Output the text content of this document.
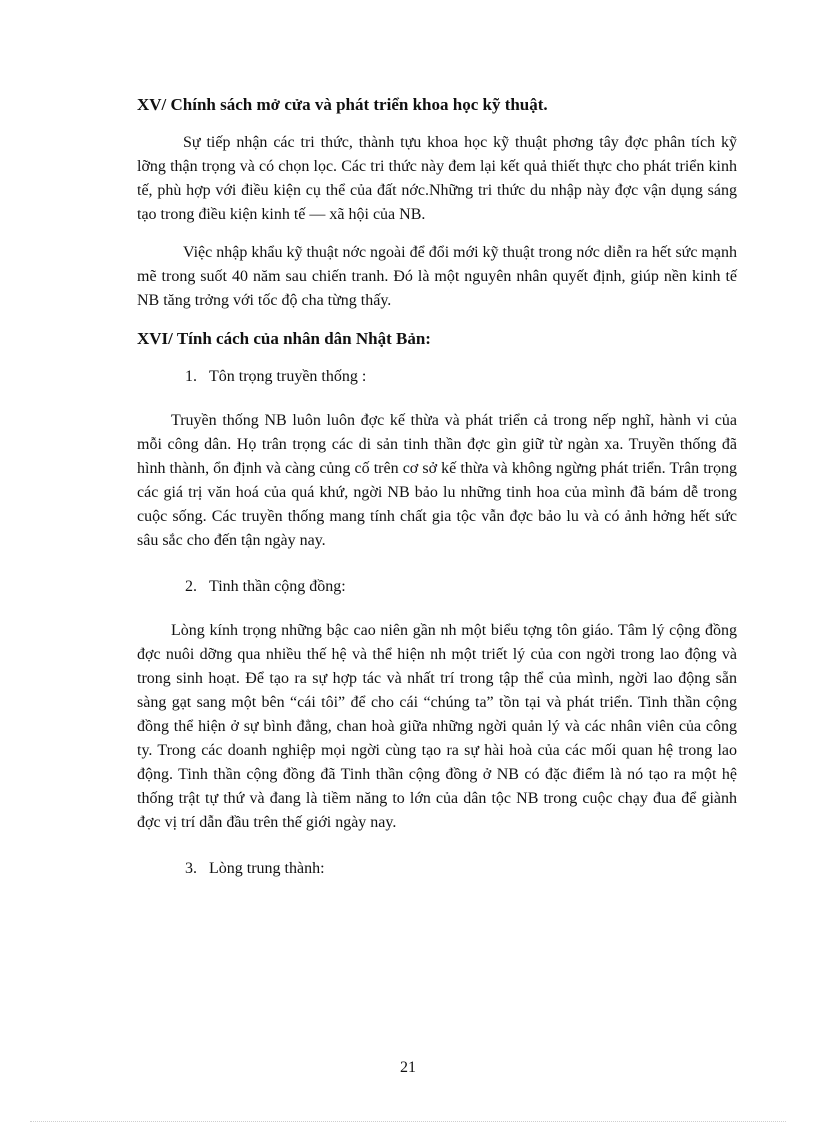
XV/ Chính sách mở cửa và phát triển khoa học kỹ thuật.

Sự tiếp nhận các tri thức, thành tựu khoa học kỹ thuật phơng tây đợc phân tích kỹ lỡng thận trọng và có chọn lọc. Các tri thức này đem lại kết quả thiết thực cho phát triển kinh tế, phù hợp với điều kiện cụ thể của đất nớc.Những tri thức du nhập này đợc vận dụng sáng tạo trong điều kiện kinh tế — xã hội của NB.

Việc nhập khẩu kỹ thuật nớc ngoài để đổi mới kỹ thuật trong nớc diễn ra hết sức mạnh mẽ trong suốt 40 năm sau chiến tranh. Đó là một nguyên nhân quyết định, giúp nền kinh tế NB tăng trởng với tốc độ cha từng thấy.

XVI/ Tính cách của nhân dân Nhật Bản:
1. Tôn trọng truyền thống :

Truyền thống NB luôn luôn đợc kế thừa và phát triển cả trong nếp nghĩ, hành vi của mỗi công dân. Họ trân trọng các di sản tinh thần đợc gìn giữ từ ngàn xa. Truyền thống đã hình thành, ổn định và càng củng cố trên cơ sở kế thừa và không ngừng phát triển. Trân trọng các giá trị văn hoá của quá khứ, ngời NB bảo lu những tinh hoa của mình đã bám dễ trong cuộc sống. Các truyền thống mang tính chất gia tộc vẫn đợc bảo lu và có ảnh hởng hết sức sâu sắc cho đến tận ngày nay.

2. Tinh thần cộng đồng:

Lòng kính trọng những bậc cao niên gần nh một biểu tợng tôn giáo. Tâm lý cộng đồng đợc nuôi dỡng qua nhiều thế hệ và thể hiện nh một triết lý của con ngời trong lao động và trong sinh hoạt. Để tạo ra sự hợp tác và nhất trí trong tập thể của mình, ngời lao động sẵn sàng gạt sang một bên “cái tôi” để cho cái “chúng ta” tồn tại và phát triển. Tinh thần cộng đồng thể hiện ở sự bình đẳng, chan hoà giữa những ngời quản lý và các nhân viên của công ty. Trong các doanh nghiệp mọi ngời cùng tạo ra sự hài hoà của các mối quan hệ trong lao động. Tinh thần cộng đồng đã Tinh thần cộng đồng ở NB có đặc điểm là nó tạo ra một hệ thống trật tự thứ và đang là tiềm năng to lớn của dân tộc NB trong cuộc chạy đua để giành đợc vị trí dẫn đầu trên thế giới ngày nay.

3. Lòng trung thành:
21
